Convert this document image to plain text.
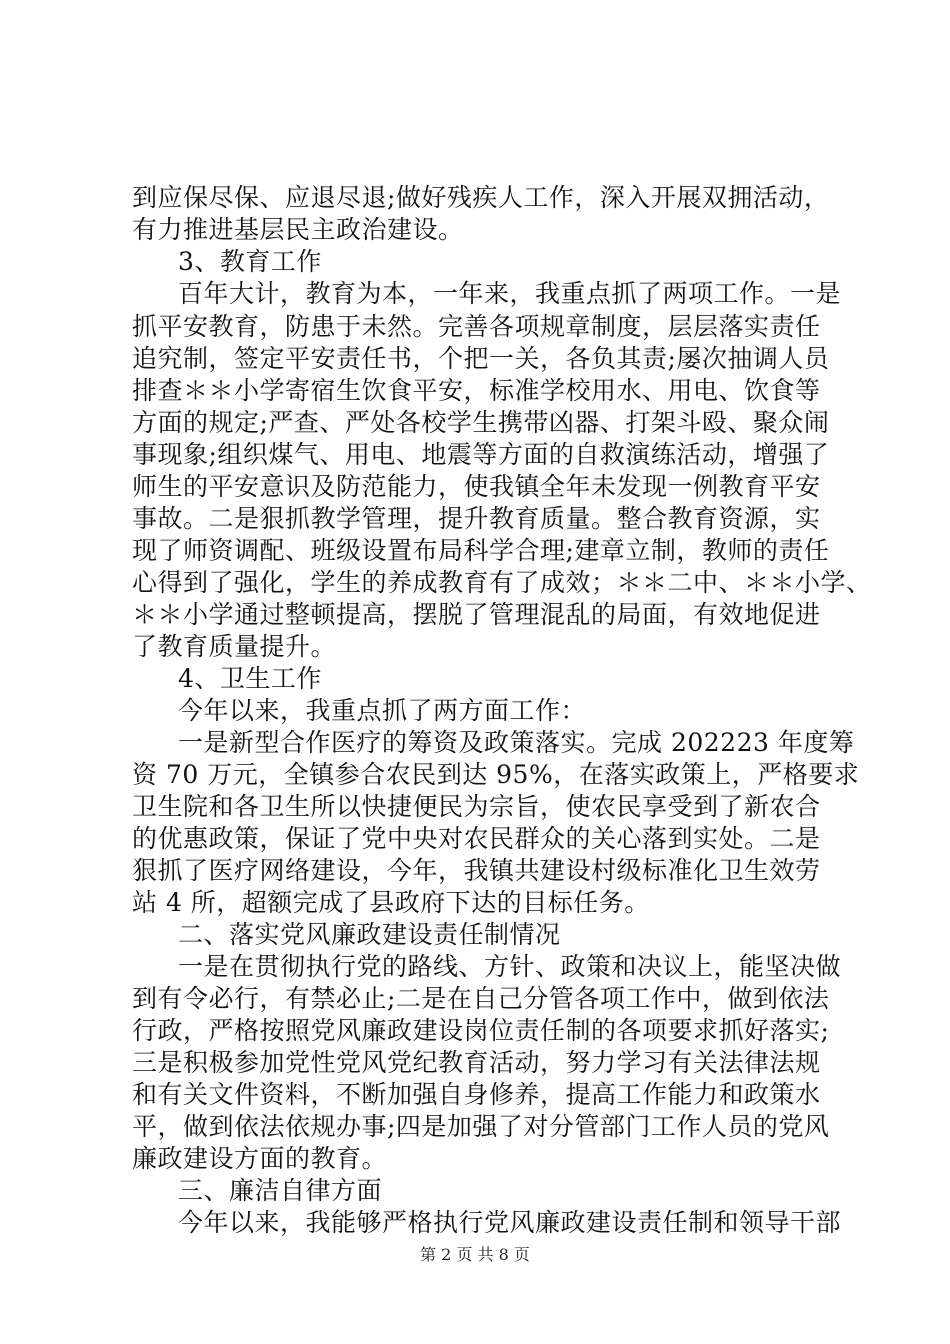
到应保尽保、应退尽退;做好残疾人工作，深入开展双拥活动，
有力推进基层民主政治建设。
3、教育工作
百年大计，教育为本，一年来，我重点抓了两项工作。一是
抓平安教育，防患于未然。完善各项规章制度，层层落实责任
追究制，签定平安责任书，个把一关，各负其责;屡次抽调人员
排查＊＊小学寄宿生饮食平安，标准学校用水、用电、饮食等
方面的规定;严查、严处各校学生携带凶器、打架斗殴、聚众闹
事现象;组织煤气、用电、地震等方面的自救演练活动，增强了
师生的平安意识及防范能力，使我镇全年未发现一例教育平安
事故。二是狠抓教学管理，提升教育质量。整合教育资源，实
现了师资调配、班级设置布局科学合理;建章立制，教师的责任
心得到了强化，学生的养成教育有了成效；＊＊二中、＊＊小学、
＊＊小学通过整顿提高，摆脱了管理混乱的局面，有效地促进
了教育质量提升。
4、卫生工作
今年以来，我重点抓了两方面工作：
一是新型合作医疗的筹资及政策落实。完成 202223 年度筹
资 70 万元，全镇参合农民到达 95%，在落实政策上，严格要求
卫生院和各卫生所以快捷便民为宗旨，使农民享受到了新农合
的优惠政策，保证了党中央对农民群众的关心落到实处。二是
狠抓了医疗网络建设，今年，我镇共建设村级标准化卫生效劳
站 4 所，超额完成了县政府下达的目标任务。
二、落实党风廉政建设责任制情况
一是在贯彻执行党的路线、方针、政策和决议上，能坚决做
到有令必行，有禁必止;二是在自己分管各项工作中，做到依法
行政，严格按照党风廉政建设岗位责任制的各项要求抓好落实;
三是积极参加党性党风党纪教育活动，努力学习有关法律法规
和有关文件资料，不断加强自身修养，提高工作能力和政策水
平，做到依法依规办事;四是加强了对分管部门工作人员的党风
廉政建设方面的教育。
三、廉洁自律方面
今年以来，我能够严格执行党风廉政建设责任制和领导干部
第 2 页 共 8 页
